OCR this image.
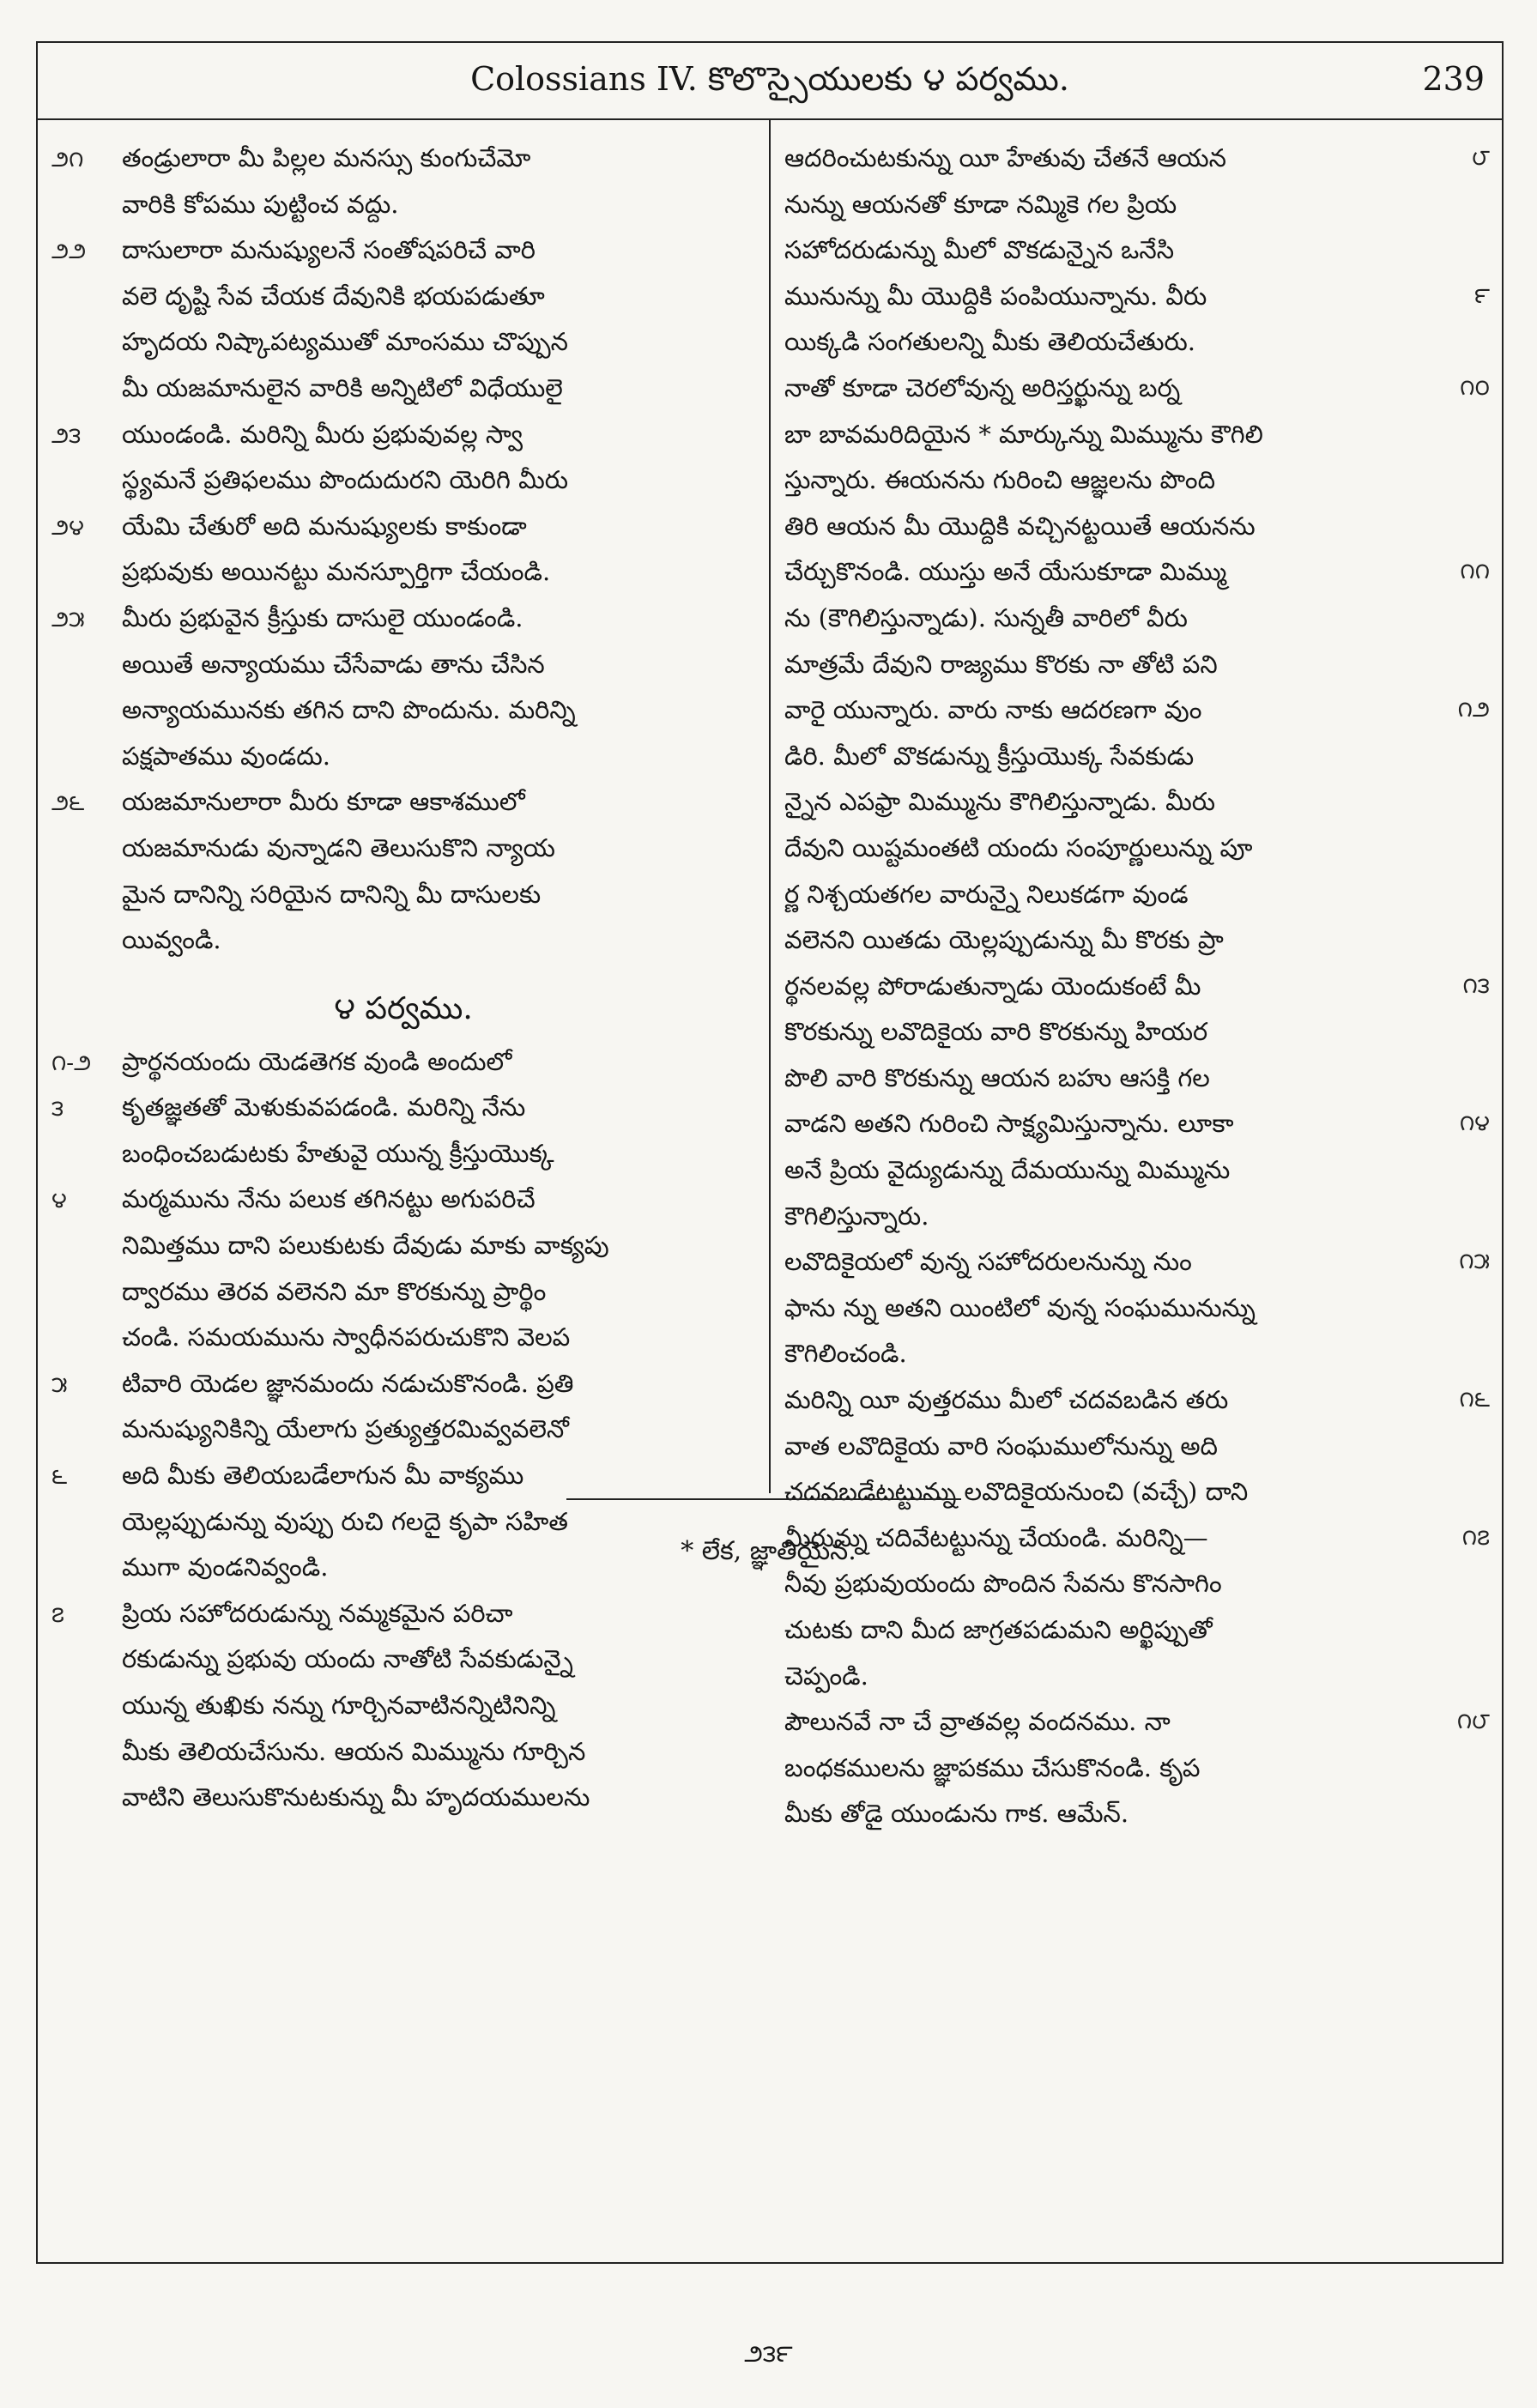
Colossians IV. కొలొస్సైయులకు ౪ పర్వము.	239
౨౧ తండ్రులారా మీ పిల్లల మనస్సు కుంగుచేమో
వారికి కోపము పుట్టించ వద్దు.
౨౨ దాసులారా మనుష్యులనే సంతోషపరిచే వారి
వలె దృష్టి సేవ చేయక దేవునికి భయపడుతూ
హృదయ నిష్కాపట్యముతో మాంసము చొప్పున
మీ యజమానులైన వారికి అన్నిటిలో విధేయులై
౨౩ యుండండి. మరిన్ని మీరు ప్రభువువల్ల స్వా
స్థ్యమనే ప్రతిఫలము పొందుదురని యెరిగి మీరు
౨౪ యేమి చేతురో అది మనుష్యులకు కాకుండా
ప్రభువుకు అయినట్టు మనస్పూర్తిగా చేయండి.
౨౫ మీరు ప్రభువైన క్రీస్తుకు దాసులై యుండండి.
అయితే అన్యాయము చేసేవాడు తాను చేసిన
అన్యాయమునకు తగిన దాని పొందును. మరిన్ని
పక్షపాతము వుండదు.
౨౬ యజమానులారా మీరు కూడా ఆకాశములో
యజమానుడు వున్నాడని తెలుసుకొని న్యాయ
మైన దానిన్ని సరియైన దానిన్ని మీ దాసులకు
యివ్వండి.
౪ పర్వము.
౧-౨ ప్రార్థనయందు యెడతెగక వుండి అందులో
౩ కృతజ్ఞతతో మెళుకువపడండి. మరిన్ని నేను
బంధించబడుటకు హేతువై యున్న క్రీస్తుయొక్క
౪ మర్మమును నేను పలుక తగినట్టు అగుపరిచే
నిమిత్తము దాని పలుకుటకు దేవుడు మాకు వాక్యపు
ద్వారము తెరవ వలెనని మా కొరకున్ను ప్రార్థిం
చండి. సమయమును స్వాధీనపరుచుకొని వెలప
౫ టివారి యెడల జ్ఞానమందు నడుచుకొనండి. ప్రతి
మనుష్యునికిన్ని యేలాగు ప్రత్యుత్తరమివ్వవలెనో
౬ అది మీకు తెలియబడేలాగున మీ వాక్యము
యెల్లప్పుడున్ను వుప్పు రుచి గలదై కృపా సహిత
ముగా వుండనివ్వండి.
౭ ప్రియ సహోదరుడున్ను నమ్మకమైన పరిచా
రకుడున్ను ప్రభువు యందు నాతోటి సేవకుడున్నై
యున్న తుఖికు నన్ను గూర్చినవాటినన్నిటినిన్ని
మీకు తెలియచేసును. ఆయన మిమ్మును గూర్చిన
వాటిని తెలుసుకొనుటకున్ను మీ హృదయములను
ఆదరించుటకున్ను యీ హేతువు చేతనే ఆయన	౮
నున్ను ఆయనతో కూడా నమ్మికె గల ప్రియ
సహోదరుడున్ను మీలో వొకడున్నైన ఒనేసి
మునున్ను మీ యొద్దికి పంపియున్నాను. వీరు	౯
యిక్కడి సంగతులన్ని మీకు తెలియచేతురు.
నాతో కూడా చెరలోవున్న అరిస్తర్ఖున్ను బర్న	౧౦
బా బావమరిదియైన * మార్కున్ను మిమ్మును కౌగిలి
స్తున్నారు. ఈయనను గురించి ఆజ్ఞలను పొంది
తిరి ఆయన మీ యొద్దికి వచ్చినట్టయితే ఆయనను
చేర్చుకొనండి. యుస్తు అనే యేసుకూడా మిమ్ము	౧౧
ను (కౌగిలిస్తున్నాడు). సున్నతీ వారిలో వీరు
మాత్రమే దేవుని రాజ్యము కొరకు నా తోటి పని
వారై యున్నారు. వారు నాకు ఆదరణగా వుం	౧౨
డిరి. మీలో వొకడున్ను క్రీస్తుయొక్క సేవకుడు
న్నైన ఎపఫ్రా మిమ్మును కౌగిలిస్తున్నాడు. మీరు
దేవుని యిష్టమంతటి యందు సంపూర్ణులున్ను పూ
ర్ణ నిశ్చయతగల వారున్నై నిలుకడగా వుండ
వలెనని యితడు యెల్లప్పుడున్ను మీ కొరకు ప్రా
ర్థనలవల్ల పోరాడుతున్నాడు యెందుకంటే మీ	౧౩
కొరకున్ను లవొదికైయ వారి కొరకున్ను హియర
పొలి వారి కొరకున్ను ఆయన బహు ఆసక్తి గల
వాడని అతని గురించి సాక్ష్యమిస్తున్నాను. లూకా	౧౪
అనే ప్రియ వైద్యుడున్ను దేమయున్ను మిమ్మును
కౌగిలిస్తున్నారు.
లవొదికైయలో వున్న సహోదరులనున్ను నుం	౧౫
ఫాను న్ను అతని యింటిలో వున్న సంఘమునున్ను
కౌగిలించండి.
మరిన్ని యీ వుత్తరము మీలో చదవబడిన తరు	౧౬
వాత లవొదికైయ వారి సంఘములోనున్ను అది
చదవబడేటట్టున్ను లవొదికైయనుంచి (వచ్చే) దాని
మీరున్ను చదివేటట్టున్ను చేయండి. మరిన్ని—	౧౭
నీవు ప్రభువుయందు పొందిన సేవను కొనసాగిం
చుటకు దాని మీద జాగ్రతపడుమని అర్ఖిప్పుతో
చెప్పండి.
పౌలునవే నా చే వ్రాతవల్ల వందనము. నా	౧౮
బంధకములను జ్ఞాపకము చేసుకొనండి. కృప
మీకు తోడై యుండును గాక. ఆమేన్.
* లేక, జ్ఞాతియైన.
౨౩౯
